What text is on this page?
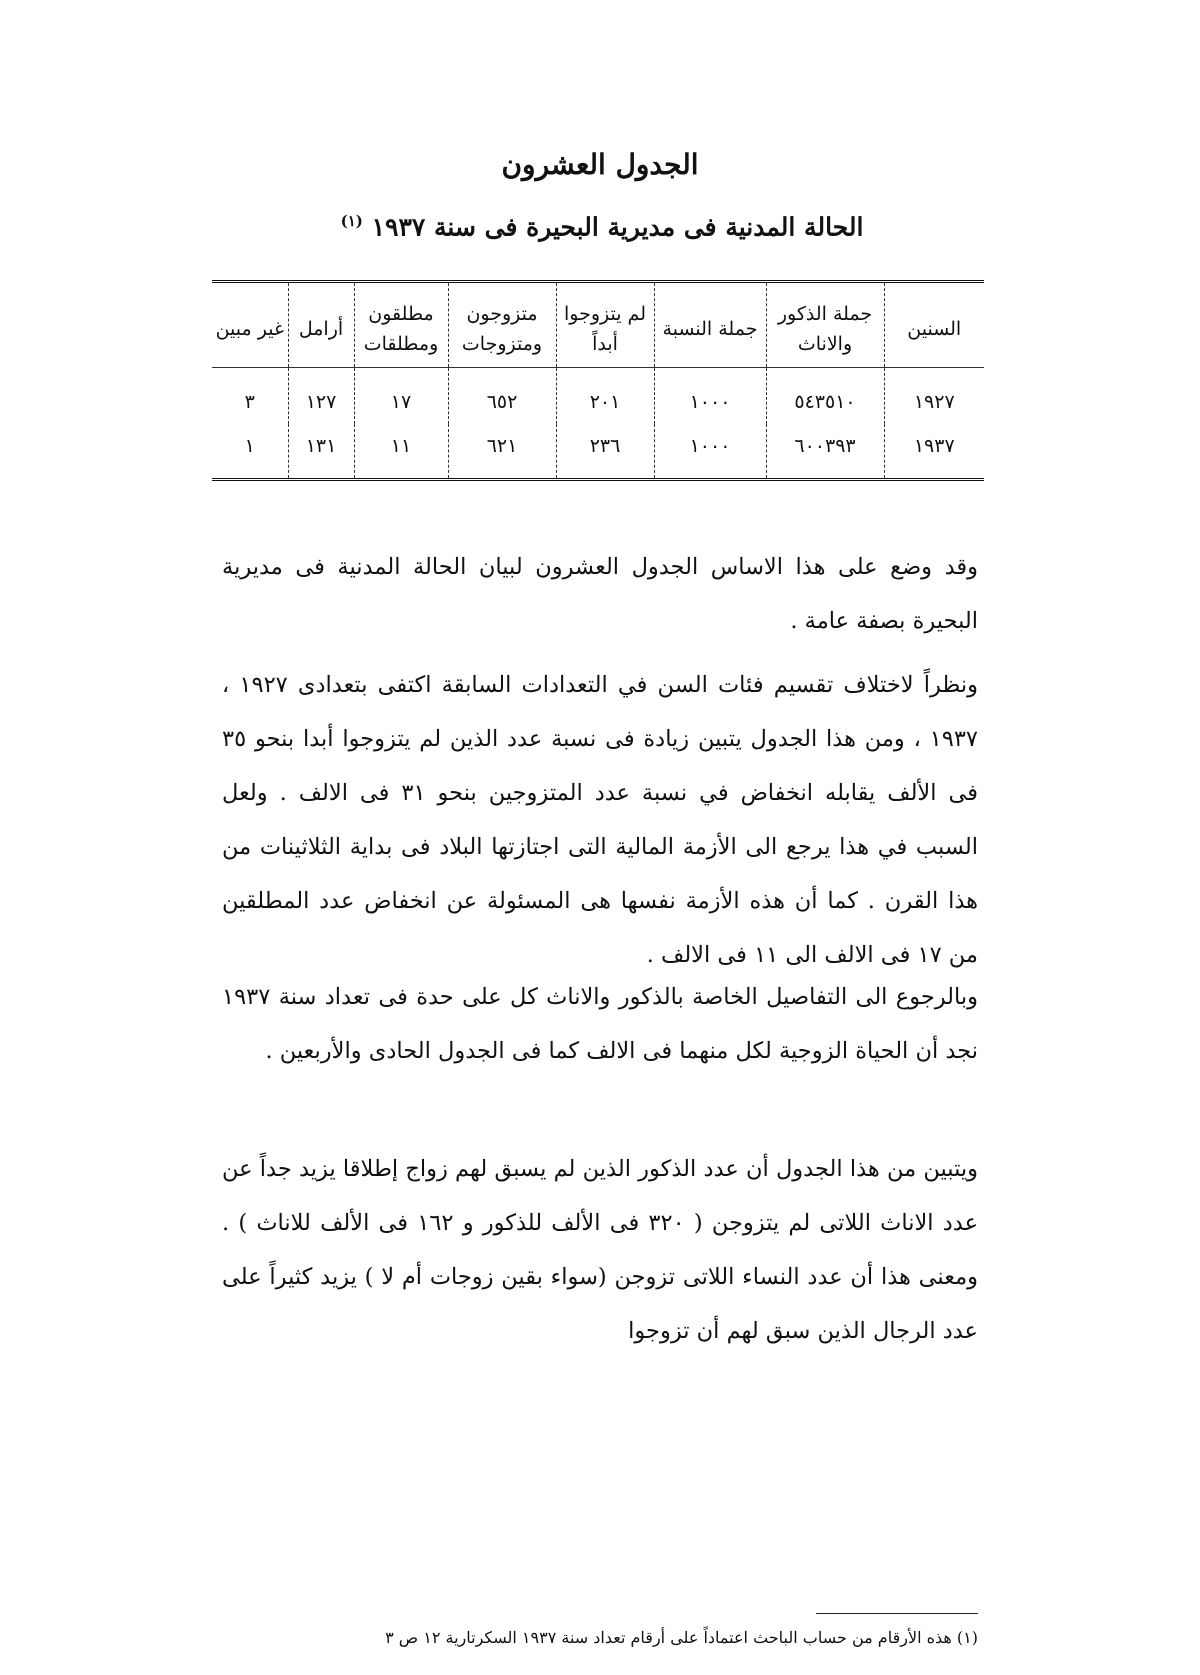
الجدول العشرون
الحالة المدنية فى مديرية البحيرة فى سنة ١٩٣٧ $^{(١)}$
السنين	جملة الذكور والاناث	جملة النسبة	لم يتزوجوا أبداً	متزوجون ومتزوجات	مطلقون ومطلقات	أرامل	غير مبين
١٩٢٧	٥٤٣٥١٠	١٠٠٠	٢٠١	٦٥٢	١٧	١٢٧	٣
١٩٣٧	٦٠٠٣٩٣	١٠٠٠	٢٣٦	٦٢١	١١	١٣١	١

وقد وضع على هذا الاساس الجدول العشرون لبيان الحالة المدنية فى مديرية البحيرة بصفة عامة .

ونظراً لاختلاف تقسيم فئات السن في التعدادات السابقة اكتفى بتعدادى ١٩٢٧ ، ١٩٣٧ ، ومن هذا الجدول يتبين زيادة فى نسبة عدد الذين لم يتزوجوا أبدا بنحو ٣٥ فى الألف يقابله انخفاض في نسبة عدد المتزوجين بنحو ٣١ فى الالف . ولعل السبب في هذا يرجع الى الأزمة المالية التى اجتازتها البلاد فى بداية الثلاثينات من هذا القرن . كما أن هذه الأزمة نفسها هى المسئولة عن انخفاض عدد المطلقين من ١٧ فى الالف الى ١١ فى الالف .

وبالرجوع الى التفاصيل الخاصة بالذكور والاناث كل على حدة فى تعداد سنة ١٩٣٧ نجد أن الحياة الزوجية لكل منهما فى الالف كما فى الجدول الحادى والأربعين .

ويتبين من هذا الجدول أن عدد الذكور الذين لم يسبق لهم زواج إطلاقا يزيد جداً عن عدد الاناث اللاتى لم يتزوجن ( ٣٢٠ فى الألف للذكور و ١٦٢ فى الألف للاناث ) . ومعنى هذا أن عدد النساء اللاتى تزوجن (سواء بقين زوجات أم لا ) يزيد كثيراً على عدد الرجال الذين سبق لهم أن تزوجوا

(١) هذه الأرقام من حساب الباحث اعتماداً على أرقام تعداد سنة ١٩٣٧ السكرتارية ١٢ ص ٣
